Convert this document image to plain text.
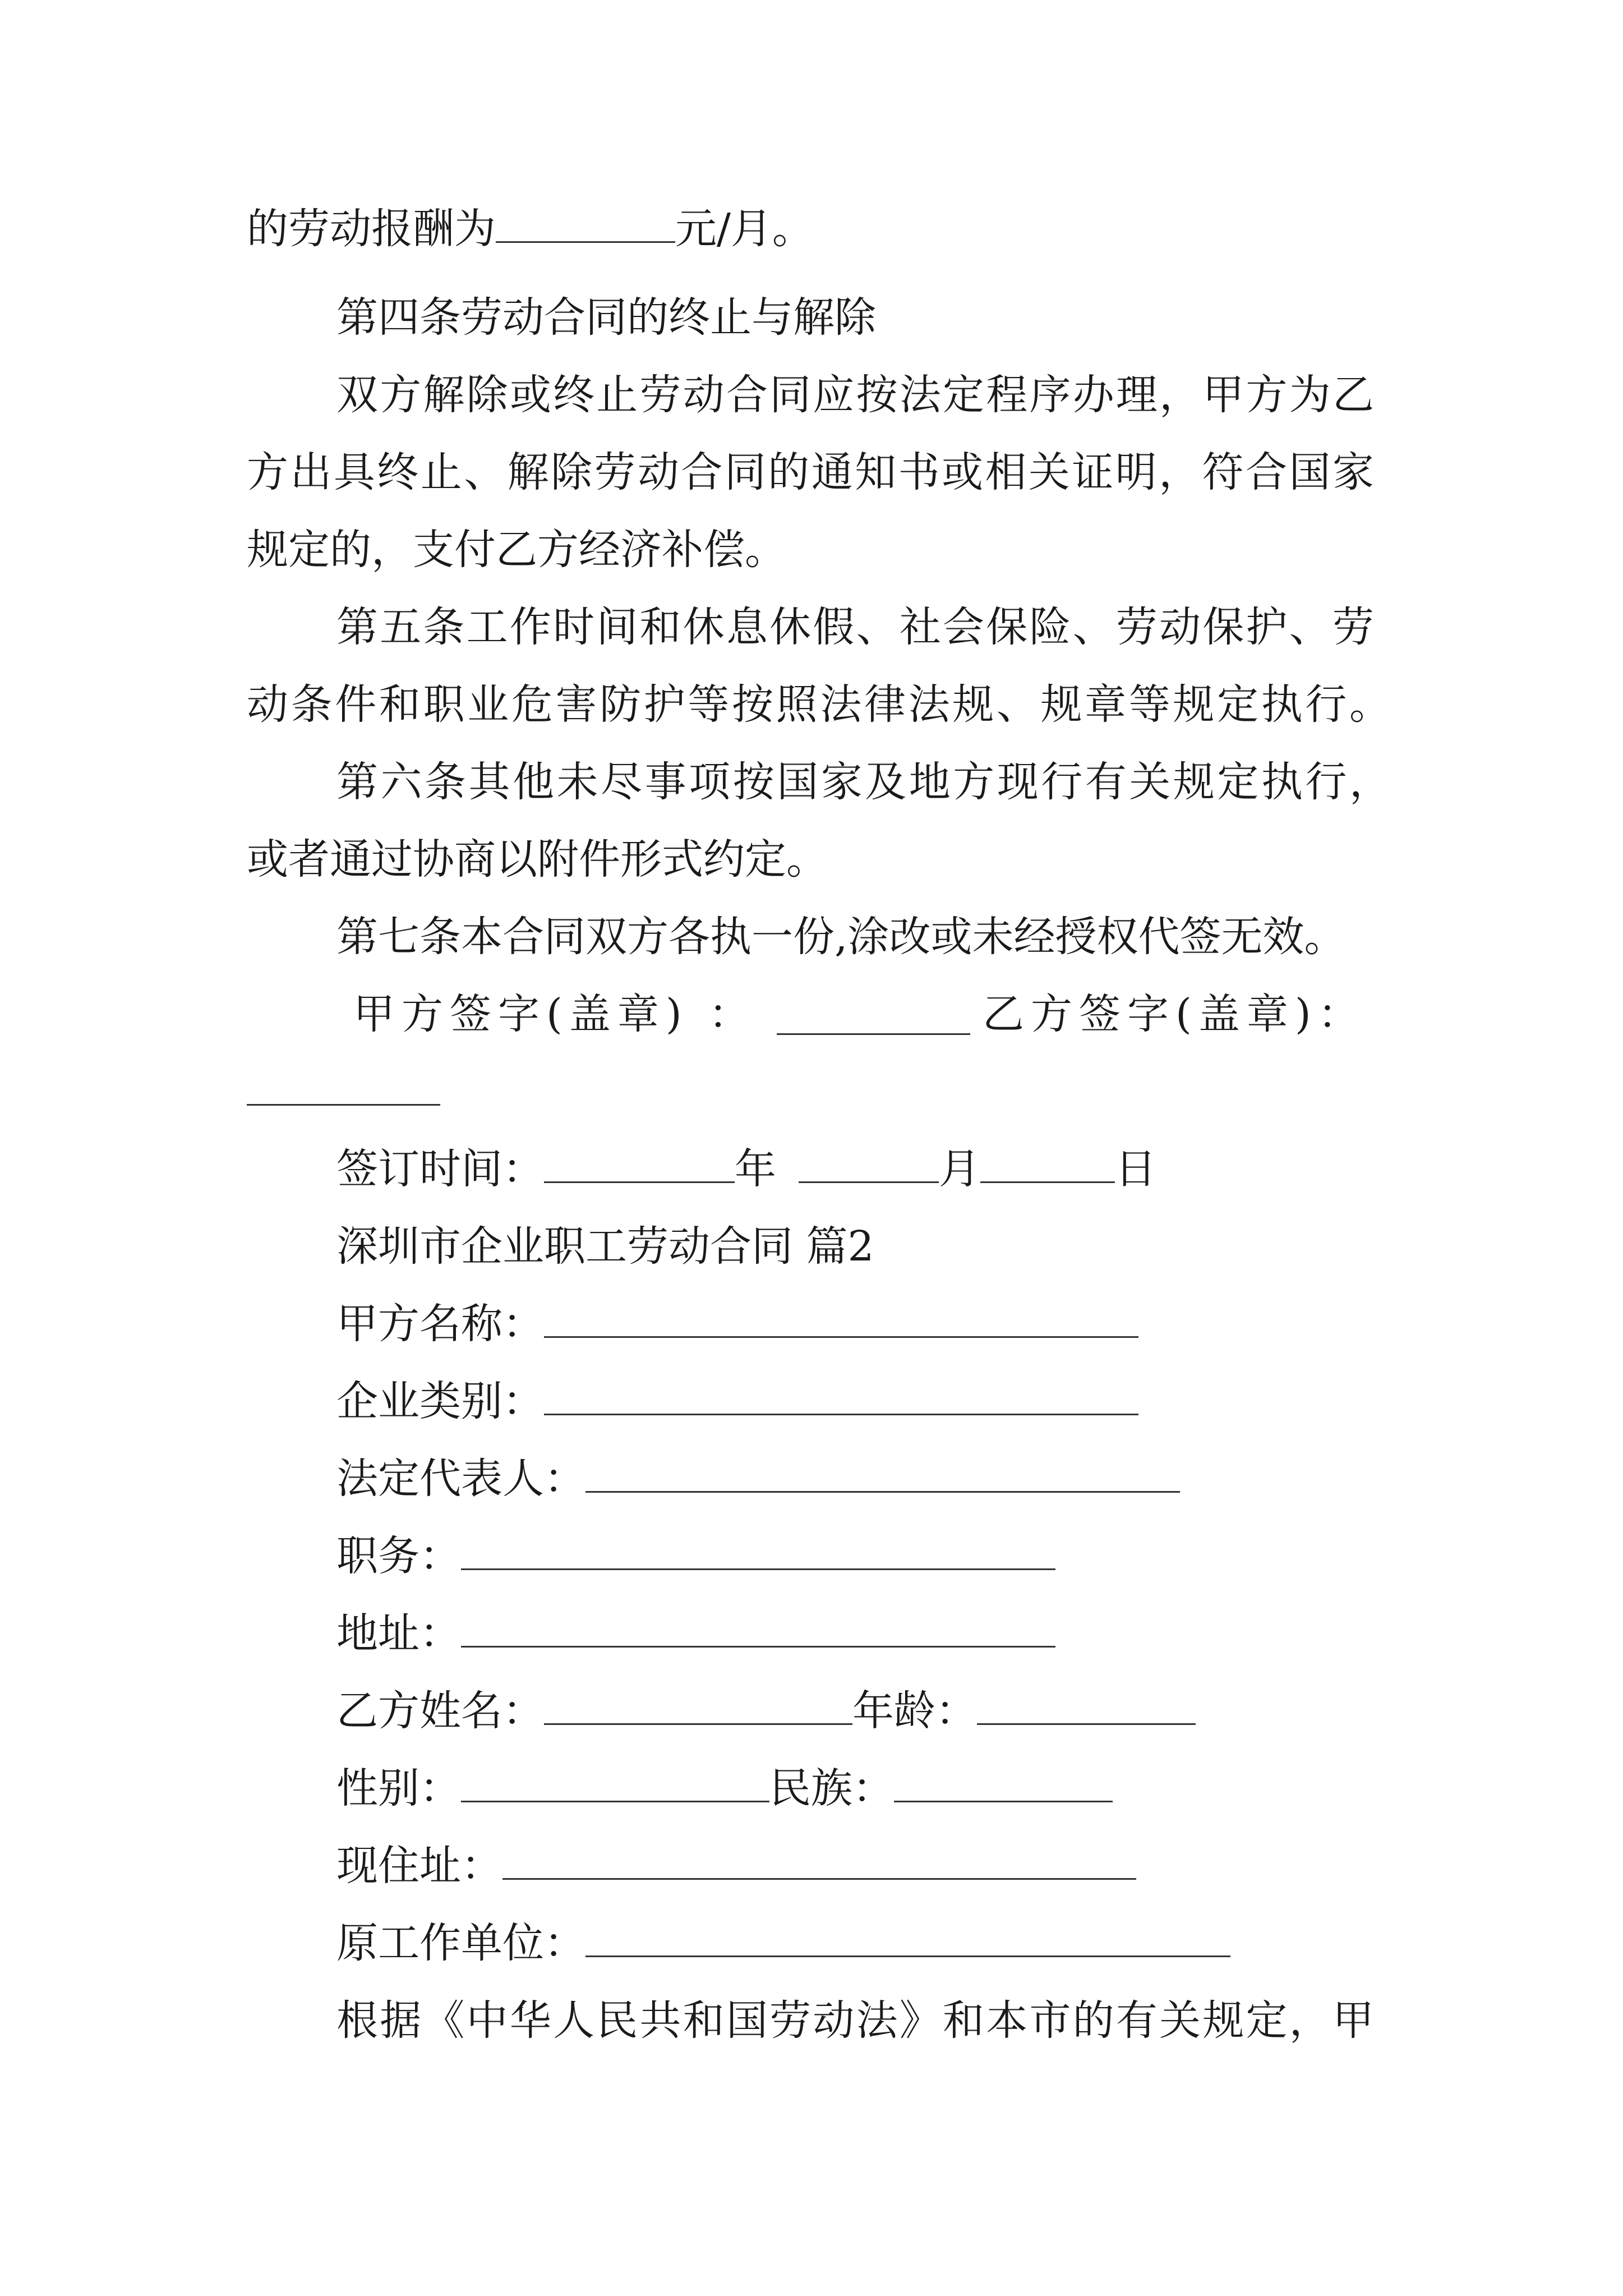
的劳动报酬为	元/月。
第四条劳动合同的终止与解除
双方解除或终止劳动合同应按法定程序办理，甲方为乙
方出具终止、解除劳动合同的通知书或相关证明，符合国家
规定的，支付乙方经济补偿。
第五条工作时间和休息休假、社会保险、劳动保护、劳
动条件和职业危害防护等按照法律法规、规章等规定执行。
第六条其他未尽事项按国家及地方现行有关规定执行，
或者通过协商以附件形式约定。
第七条本合同双方各执一份,涂改或未经授权代签无效。
甲方签字(盖章) ：	乙方签字(盖章)：
签订时间：	年	月	日
深圳市企业职工劳动合同 篇2
甲方名称：
企业类别：
法定代表人：
职务：
地址：
乙方姓名：	年龄：
性别：	民族：
现住址：
原工作单位：
根据《中华人民共和国劳动法》和本市的有关规定，甲
